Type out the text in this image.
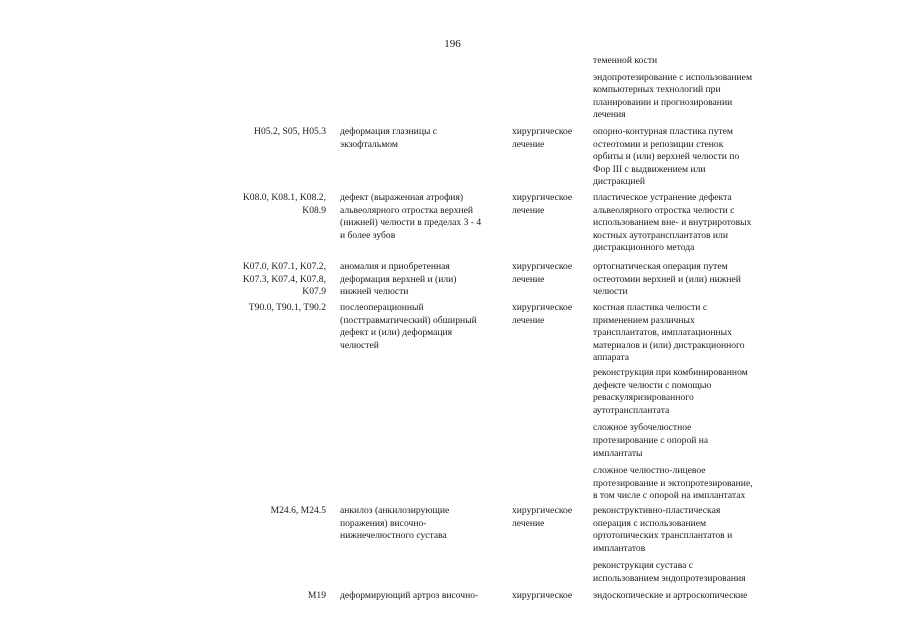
196
теменной кости
эндопротезирование с использованием
компьютерных технологий при
планировании и прогнозировании
лечения
H05.2, S05, H05.3 деформация глазницы с
экзофтальмом
хирургическое
лечение
опорно-контурная пластика путем
остеотомии и репозиции стенок
орбиты и (или) верхней челюсти по
Фор III с выдвижением или
дистракцией
K08.0, K08.1, K08.2,
K08.9
дефект (выраженная атрофия)
альвеолярного отростка верхней
(нижней) челюсти в пределах 3 - 4
и более зубов
хирургическое
лечение
пластическое устранение дефекта
альвеолярного отростка челюсти с
использованием вне- и внутриротовых
костных аутотрансплантатов или
дистракционного метода
K07.0, K07.1, K07.2,
K07.3, K07.4, K07.8,
K07.9
аномалия и приобретенная
деформация верхней и (или)
нижней челюсти
хирургическое
лечение
ортогнатическая операция путем
остеотомии верхней и (или) нижней
челюсти
T90.0, T90.1, T90.2 послеоперационный
(посттравматический) обширный
дефект и (или) деформация
челюстей
хирургическое
лечение
костная пластика челюсти с
применением различных
трансплантатов, имплатационных
материалов и (или) дистракционного
аппарата
реконструкция при комбинированном
дефекте челюсти с помощью
реваскуляризированного
аутотрансплантата
сложное зубочелюстное
протезирование с опорой на
имплантаты
сложное челюстно-лицевое
протезирование и эктопротезирование,
в том числе с опорой на имплантатах
M24.6, M24.5 анкилоз (анкилозирующие
поражения) височно-
нижнечелюстного сустава
хирургическое
лечение
реконструктивно-пластическая
операция с использованием
ортотопических трансплантатов и
имплантатов
реконструкция сустава с
использованием эндопротезирования
M19 деформирующий артроз височно-	хирургическое	эндоскопические и артроскопические
